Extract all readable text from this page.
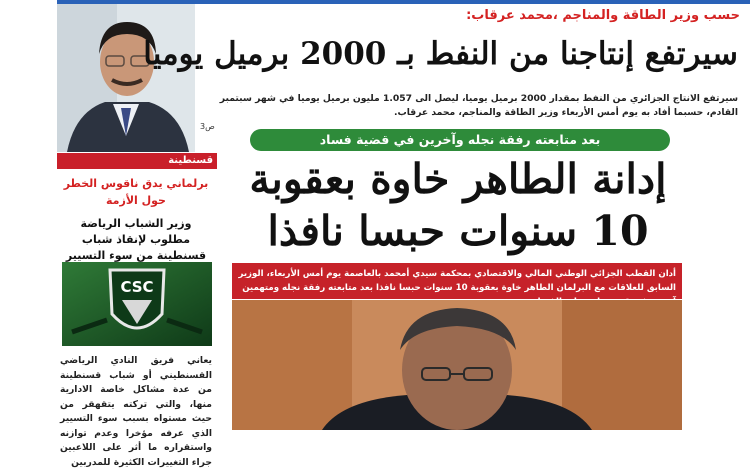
حسب وزير الطاقة والمناجم ،محمد عرقاب:
سيرتفع إنتاجنا من النفط بـ 2000 برميل يوميا
سيرتفع الانتاج الجزائري من النفط بمقدار 2000 برميل يوميا، ليصل الى 1.057 مليون برميل يوميا في شهر سبتمبر القادم، حسبما أفاد به يوم أمس الأربعاء وزير الطاقة والمناجم، محمد عرقاب.
ص3
قسنطينة
برلماني يدق ناقوس الخطر حول الأزمة
وزير الشباب الرياضة مطلوب لإنقاذ شباب قسنطينة من سوء التسيير
CSC
يعاني فريق النادي الرياضي القسنطيني أو شباب قسنطينة من عدة مشاكل خاصة الادارية منها، والتي تركته يتقهقر من حيث مستواه بسبب سوء التسيير الذي عرفه مؤخرا وعدم توازنه واستقراره ما أثر على اللاعبين جراء التغييرات الكثيرة للمدربين
بعد متابعته رفقة نجله وآخرين في قضية فساد
إدانة الطاهر خاوة بعقوبة
10 سنوات حبسا نافذا
أدان القطب الجزائي الوطني المالي والاقتصادي بمحكمة سيدي أمحمد بالعاصمة يوم أمس الأربعاء، الوزير السابق للعلاقات مع البرلمان الطاهر خاوة بعقوبة 10 سنوات حبسا نافذا بعد متابعته رفقة نجله ومتهمين
